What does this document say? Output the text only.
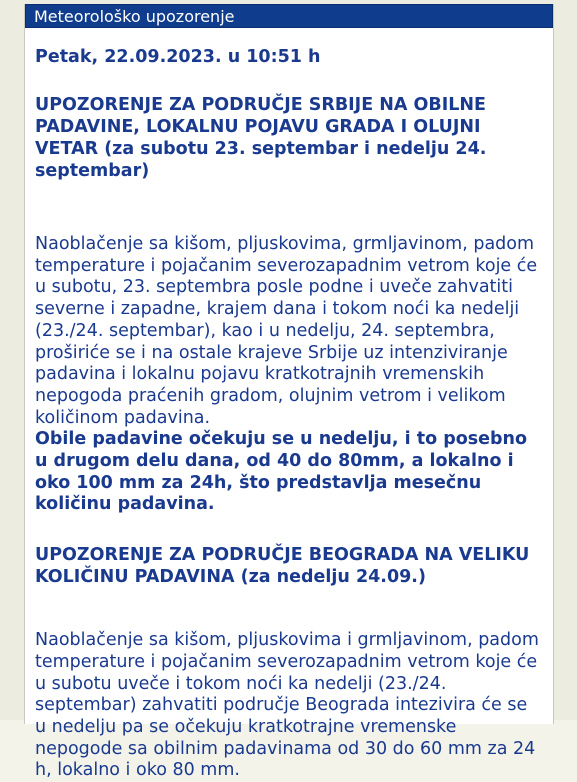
Meteorološko upozorenje

Petak, 22.09.2023. u 10:51 h

UPOZORENJE ZA PODRUČJE SRBIJE NA OBILNE PADAVINE, LOKALNU POJAVU GRADA I OLUJNI VETAR (za subotu 23. septembar i nedelju 24. septembar)

Naoblačenje sa kišom, pljuskovima, grmljavinom, padom temperature i pojačanim severozapadnim vetrom koje će u subotu, 23. septembra posle podne i uveče zahvatiti severne i zapadne, krajem dana i tokom noći ka nedelji (23./24. septembar), kao i u nedelju, 24. septembra, proširiće se i na ostale krajeve Srbije uz intenziviranje padavina i lokalnu pojavu kratkotrajnih vremenskih nepogoda praćenih gradom, olujnim vetrom i velikom količinom padavina.

Obile padavine očekuju se u nedelju, i to posebno u drugom delu dana, od 40 do 80mm, a lokalno i oko 100 mm za 24h, što predstavlja mesečnu količinu padavina.

UPOZORENJE ZA PODRUČJE BEOGRADA NA VELIKU KOLIČINU PADAVINA (za nedelju 24.09.)

Naoblačenje sa kišom, pljuskovima i grmljavinom, padom temperature i pojačanim severozapadnim vetrom koje će u subotu uveče i tokom noći ka nedelji (23./24. septembar) zahvatiti područje Beograda intezivira će se u nedelju pa se očekuju kratkotrajne vremenske nepogode sa obilnim padavinama od 30 do 60 mm za 24 h, lokalno i oko 80 mm.
